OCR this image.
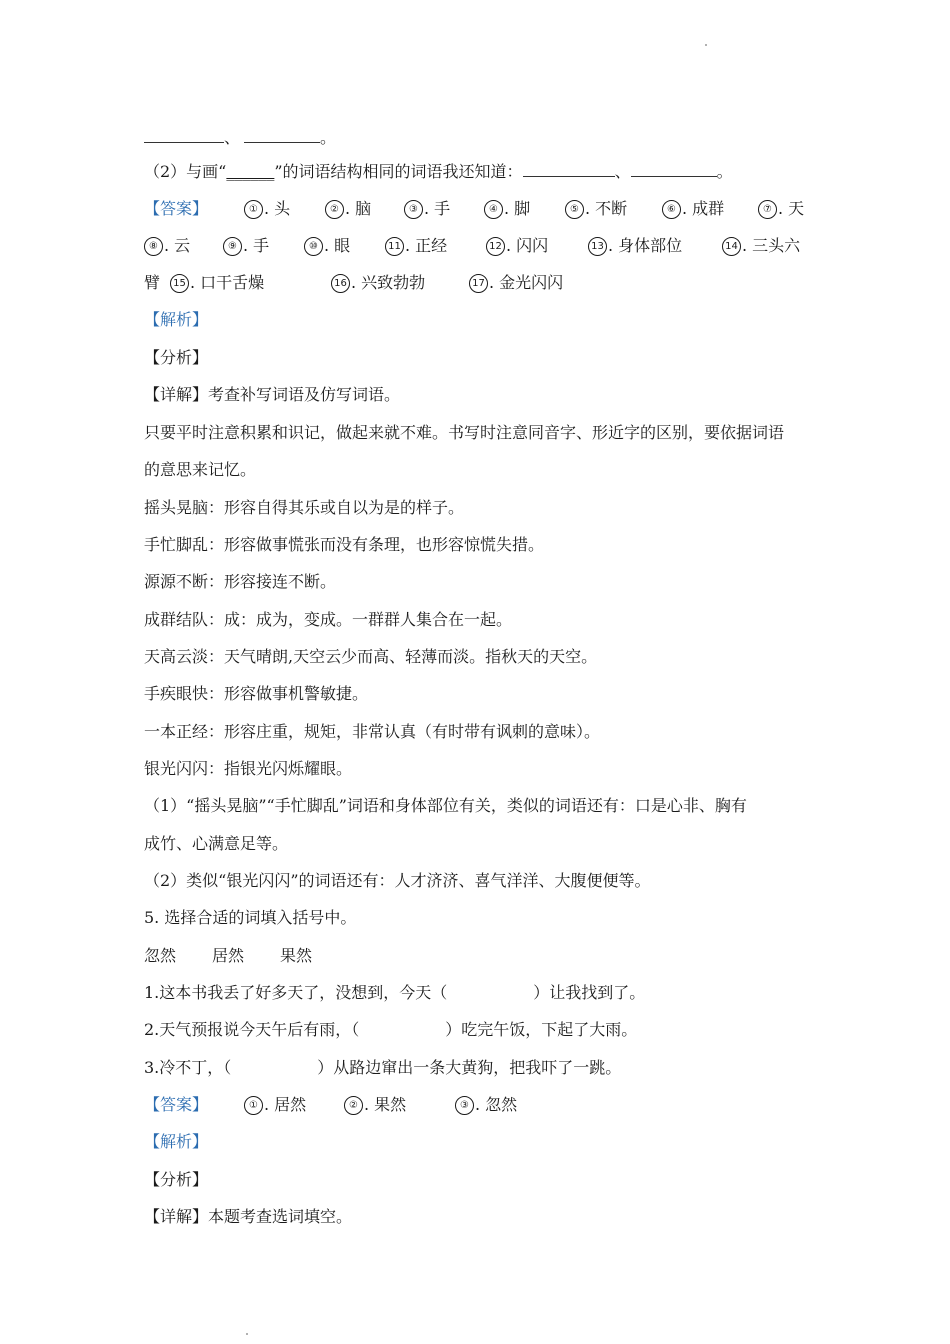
、	。
（2）与画“______”的词语结构相同的词语我还知道：	、	。
【答案】	① . 头	② . 脑	③ . 手	④ . 脚	⑤ . 不断	⑥ . 成群	⑦ . 天
⑧ . 云	⑨ . 手	⑩ . 眼	11 . 正经	12 . 闪闪	13 . 身体部位	14 . 三头六
臂	15 . 口干舌燥	16 . 兴致勃勃	17 . 金光闪闪
【解析】
【分析】
【详解】考查补写词语及仿写词语。
只要平时注意积累和识记，做起来就不难。书写时注意同音字、形近字的区别，要依据词语
的意思来记忆。
摇头晃脑：形容自得其乐或自以为是的样子。
手忙脚乱：形容做事慌张而没有条理，也形容惊慌失措。
源源不断：形容接连不断。
成群结队：成：成为，变成。一群群人集合在一起。
天高云淡：天气晴朗,天空云少而高、轻薄而淡。指秋天的天空。
手疾眼快：形容做事机警敏捷。
一本正经：形容庄重，规矩，非常认真（有时带有讽刺的意味）。
银光闪闪：指银光闪烁耀眼。
（1）“摇头晃脑”“手忙脚乱”词语和身体部位有关，类似的词语还有：口是心非、胸有
成竹、心满意足等。
（2）类似“银光闪闪”的词语还有：人才济济、喜气洋洋、大腹便便等。
5. 选择合适的词填入括号中。
忽然 居然 果然
1.这本书我丢了好多天了，没想到，今天（	）让我找到了。
2.天气预报说今天午后有雨，（	）吃完午饭，下起了大雨。
3.冷不丁，（	）从路边窜出一条大黄狗，把我吓了一跳。
【答案】	① . 居然	② . 果然	③ . 忽然
【解析】
【分析】
【详解】本题考查选词填空。
